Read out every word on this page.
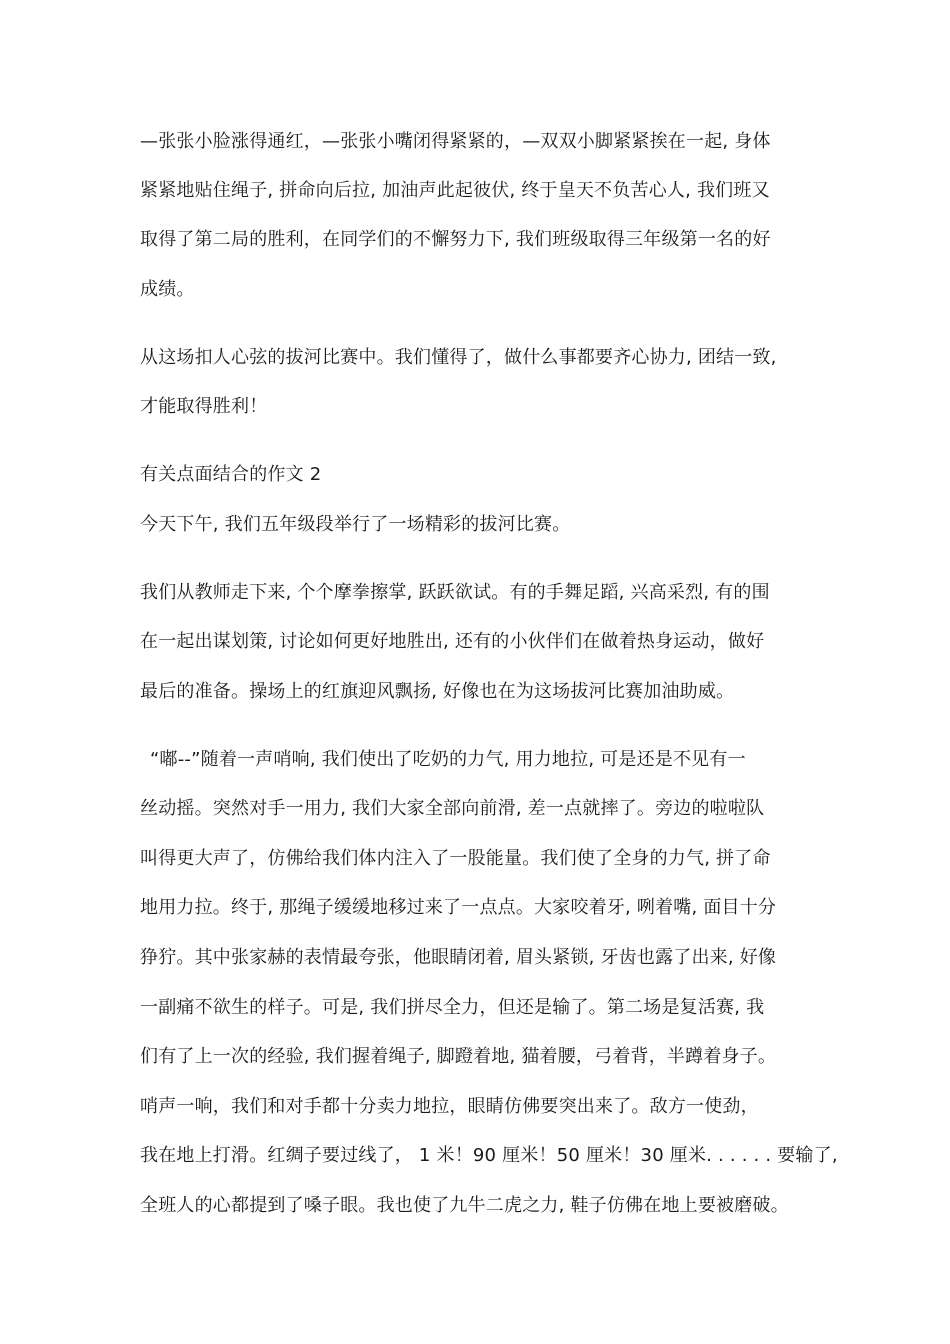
—张张小脸涨得通红，—张张小嘴闭得紧紧的，—双双小脚紧紧挨在一起, 身体
紧紧地贴住绳子, 拼命向后拉, 加油声此起彼伏, 终于皇天不负苦心人, 我们班又
取得了第二局的胜利，在同学们的不懈努力下, 我们班级取得三年级第一名的好
成绩。
从这场扣人心弦的拔河比赛中。我们懂得了，做什么事都要齐心协力, 团结一致,
才能取得胜利！
有关点面结合的作文 2
今天下午, 我们五年级段举行了一场精彩的拔河比赛。
我们从教师走下来, 个个摩拳擦掌, 跃跃欲试。有的手舞足蹈, 兴高采烈, 有的围
在一起出谋划策, 讨论如何更好地胜出, 还有的小伙伴们在做着热身运动，做好
最后的准备。操场上的红旗迎风飘扬, 好像也在为这场拔河比赛加油助威。
“嘟--”随着一声哨响, 我们使出了吃奶的力气, 用力地拉, 可是还是不见有一
丝动摇。突然对手一用力, 我们大家全部向前滑, 差一点就摔了。旁边的啦啦队
叫得更大声了，仿佛给我们体内注入了一股能量。我们使了全身的力气, 拼了命
地用力拉。终于, 那绳子缓缓地移过来了一点点。大家咬着牙, 咧着嘴, 面目十分
狰狞。其中张家赫的表情最夸张，他眼睛闭着, 眉头紧锁, 牙齿也露了出来, 好像
一副痛不欲生的样子。可是, 我们拼尽全力，但还是输了。第二场是复活赛, 我
们有了上一次的经验, 我们握着绳子, 脚蹬着地, 猫着腰，弓着背，半蹲着身子。
哨声一响，我们和对手都十分卖力地拉，眼睛仿佛要突出来了。敌方一使劲，
我在地上打滑。红绸子要过线了， 1 米！90 厘米！50 厘米！30 厘米. . . . . . 要输了,
全班人的心都提到了嗓子眼。我也使了九牛二虎之力, 鞋子仿佛在地上要被磨破。
